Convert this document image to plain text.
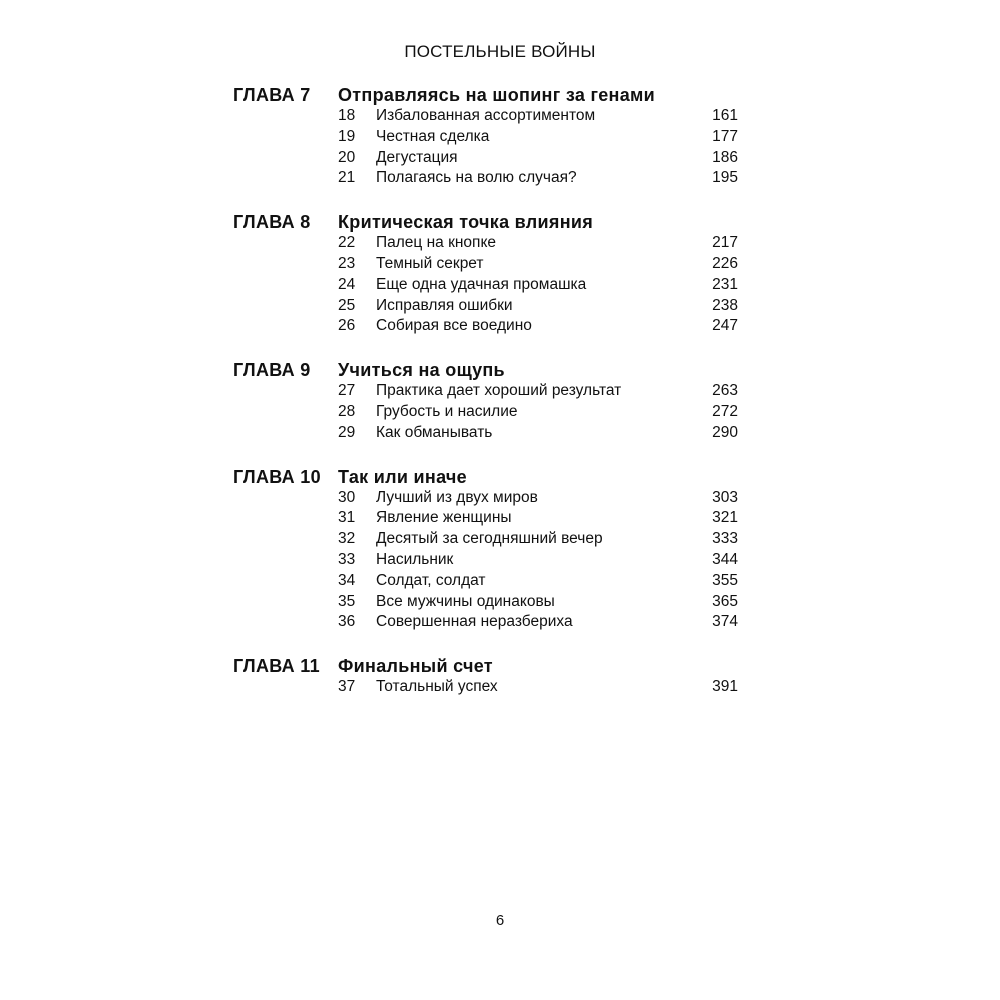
ПОСТЕЛЬНЫЕ ВОЙНЫ
ГЛАВА 7	Отправляясь на шопинг за генами
18	Избалованная ассортиментом	161
19	Честная сделка	177
20	Дегустация	186
21	Полагаясь на волю случая?	195
ГЛАВА 8	Критическая точка влияния
22	Палец на кнопке	217
23	Темный секрет	226
24	Еще одна удачная промашка	231
25	Исправляя ошибки	238
26	Собирая все воедино	247
ГЛАВА 9	Учиться на ощупь
27	Практика дает хороший результат	263
28	Грубость и насилие	272
29	Как обманывать	290
ГЛАВА 10 Так или иначе
30	Лучший из двух миров	303
31	Явление женщины	321
32	Десятый за сегодняшний вечер	333
33	Насильник	344
34	Солдат, солдат	355
35	Все мужчины одинаковы	365
36	Совершенная неразбериха	374
ГЛАВА 11	Финальный счет
37	Тотальный успех	391
6
